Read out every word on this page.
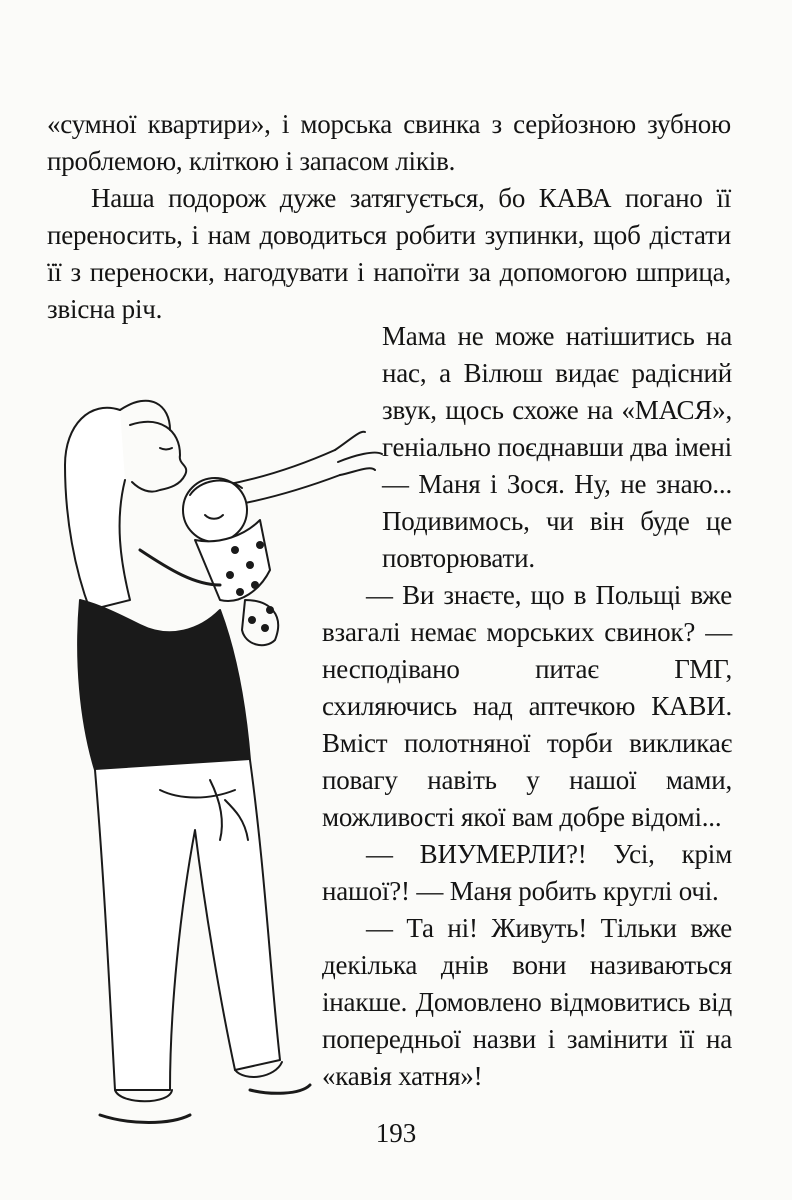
«сумної квартири», і морська свинка з серйозною зубною проблемою, кліткою і запасом ліків.

Наша подорож дуже затягується, бо КАВА погано її переносить, і нам доводиться робити зупинки, щоб дістати її з переноски, нагодувати і напоїти за допомогою шприца, звісна річ.

Мама не може натішитись на нас, а Вілюш видає радісний звук, щось схоже на «МАСЯ», геніально поєднавши два імені — Маня і Зося. Ну, не знаю... Подивимось, чи він буде це повторювати.

— Ви знаєте, що в Польщі вже взагалі немає морських свинок? — несподівано питає ГМГ, схиляючись над аптечкою КАВИ. Вміст полотняної торби викликає повагу навіть у нашої мами, можливості якої вам добре відомі...

— ВИУМЕРЛИ?! Усі, крім нашої?! — Маня робить круглі очі.

— Та ні! Живуть! Тільки вже декілька днів вони називаються інакше. Домовлено відмовитись від попередньої назви і замінити її на «кавія хатня»!

193
